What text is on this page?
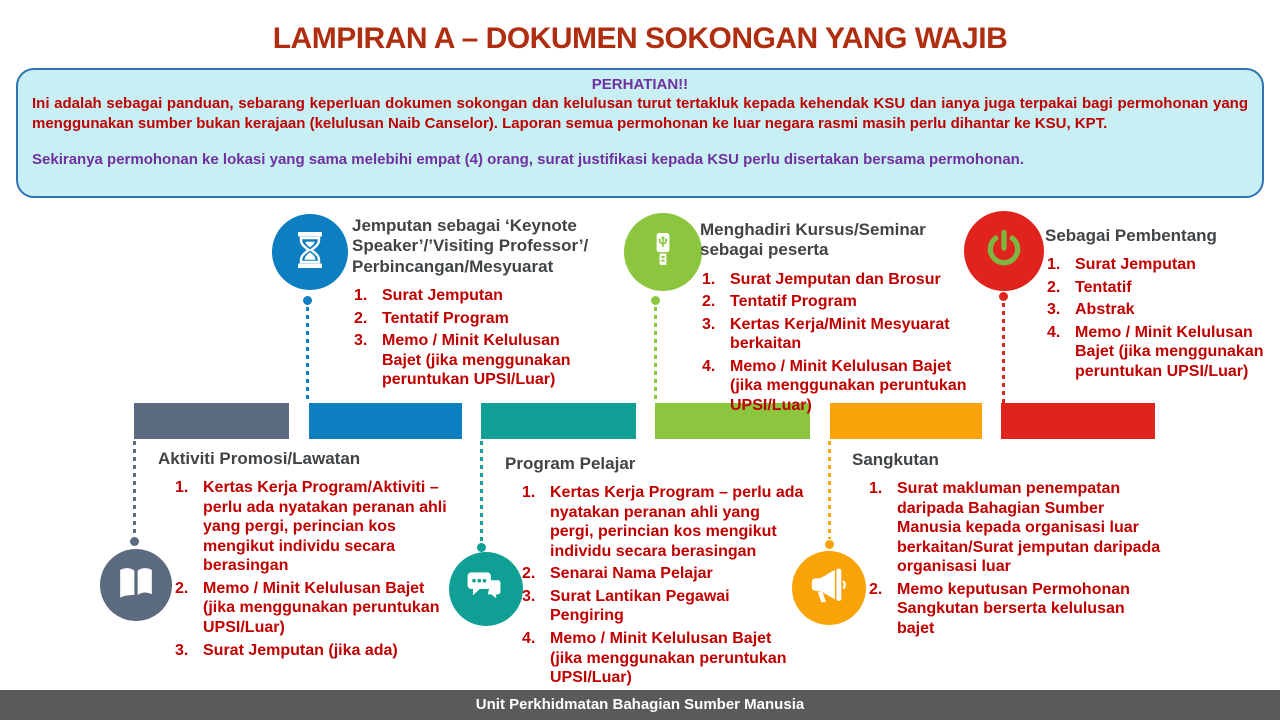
LAMPIRAN A – DOKUMEN SOKONGAN YANG WAJIB

PERHATIAN!!

Ini adalah sebagai panduan, sebarang keperluan dokumen sokongan dan kelulusan turut tertakluk kepada kehendak KSU dan ianya juga terpakai bagi permohonan yang menggunakan sumber bukan kerajaan (kelulusan Naib Canselor). Laporan semua permohonan ke luar negara rasmi masih perlu dihantar ke KSU, KPT.

Sekiranya permohonan ke lokasi yang sama melebihi empat (4) orang, surat justifikasi kepada KSU perlu disertakan bersama permohonan.

Jemputan sebagai ‘Keynote Speaker’/’Visiting Professor’/ Perbincangan/Mesyuarat
Surat Jemputan
Tentatif Program
Memo / Minit Kelulusan Bajet (jika menggunakan peruntukan UPSI/Luar)
Menghadiri Kursus/Seminar sebagai peserta
Surat Jemputan dan Brosur
Tentatif Program
Kertas Kerja/Minit Mesyuarat berkaitan
Memo / Minit Kelulusan Bajet (jika menggunakan peruntukan UPSI/Luar)
Sebagai Pembentang
Surat Jemputan
Tentatif
Abstrak
Memo / Minit Kelulusan Bajet (jika menggunakan peruntukan UPSI/Luar)
Aktiviti Promosi/Lawatan
Kertas Kerja Program/Aktiviti – perlu ada nyatakan peranan ahli yang pergi, perincian kos mengikut individu secara berasingan
Memo / Minit Kelulusan Bajet (jika menggunakan peruntukan UPSI/Luar)
Surat Jemputan (jika ada)
Program Pelajar
Kertas Kerja Program – perlu ada nyatakan peranan ahli yang pergi, perincian kos mengikut individu secara berasingan
Senarai Nama Pelajar
Surat Lantikan Pegawai Pengiring
Memo / Minit Kelulusan Bajet (jika menggunakan peruntukan UPSI/Luar)
Sangkutan
Surat makluman penempatan daripada Bahagian Sumber Manusia kepada organisasi luar berkaitan/Surat jemputan daripada organisasi luar
Memo keputusan Permohonan Sangkutan berserta kelulusan bajet
Unit Perkhidmatan Bahagian Sumber Manusia
